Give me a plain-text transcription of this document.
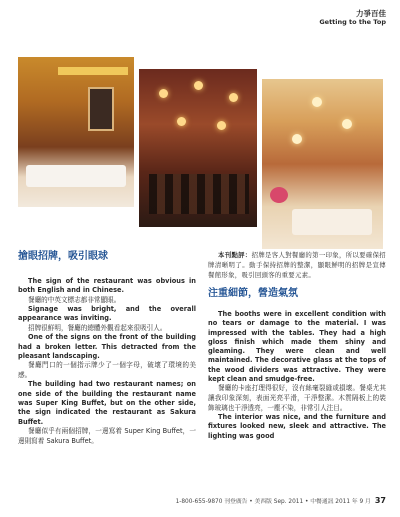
力爭百佳
Getting to the Top
搶眼招牌，吸引眼球

The sign of the restaurant was obvious in both English and in Chinese.

餐廳的中英文標志都非常顯眼。

Signage was bright, and the overall appearance was inviting.

招牌很鮮明，餐廳的總體外觀看起來很吸引人。

One of the signs on the front of the building had a broken letter. This detracted from the pleasant landscaping.

餐廳門口的一個指示牌少了一個字母，破壞了環境的美感。

The building had two restaurant names; on one side of the building the restaurant name was Super King Buffet, but on the other side, the sign indicated the restaurant as Sakura Buffet.

餐廳似乎有兩個招牌，一邊寫着 Super King Buffet，一邊則寫着 Sakura Buffet。

本刊點評：招牌是客人對餐廳的第一印象，所以要確保招牌清晰明了。動手保持招牌的整潔，顯眼鮮明的招牌是宣傳餐館形象，吸引回頭客的重要元素。

注重細節，營造氣氛

The booths were in excellent condition with no tears or damage to the material. I was impressed with the tables. They had a high gloss finish which made them shiny and gleaming. They were clean and well maintained. The decorative glass at the tops of the wood dividers was attractive. They were kept clean and smudge-free.

餐廳的卡座打理得很好，沒有絲毫裂縫或損壞。餐桌尤其讓我印象深刻，表面光亮平滑，干淨整潔。木質隔板上的裝飾玻璃也干淨透亮，一塵不染，非常引人注目。

The interior was nice, and the furniture and fixtures looked new, sleek and attractive. The lighting was good

1-800-655-9870 刊登廣告 • 美西版 Sep. 2011 • 中餐通訊 2011 年 9 月 37
